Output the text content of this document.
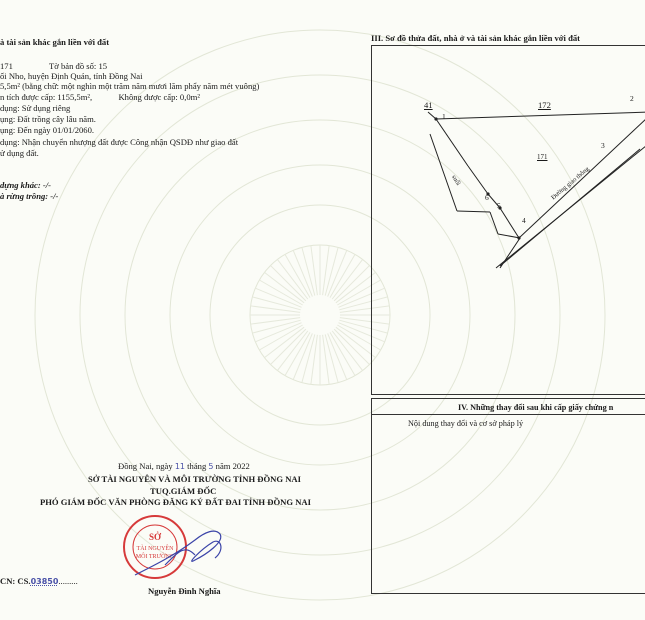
à tài sản khác gắn liền với đất
171	Tờ bản đồ số: 15
ối Nho, huyện Định Quán, tỉnh Đồng Nai
5,5m² (bằng chữ: một nghìn một trăm năm mươi lăm phẩy năm mét vuông)
n tích được cấp: 1155,5m²,	Không được cấp: 0,0m²
dụng: Sử dụng riêng
ụng: Đất trồng cây lâu năm.
ụng: Đến ngày 01/01/2060.
dụng: Nhận chuyển nhượng đất được Công nhận QSDĐ như giao đất
ử dụng đất.
dựng khác: -/-
à rừng trồng: -/-
Đồng Nai, ngày 11 tháng 5 năm 2022
SỞ TÀI NGUYÊN VÀ MÔI TRƯỜNG TỈNH ĐỒNG NAI
TUQ.GIÁM ĐỐC
PHÓ GIÁM ĐỐC VĂN PHÒNG ĐĂNG KÝ ĐẤT ĐAI TỈNH ĐỒNG NAI
SỞ
TÀI NGUYÊN
MÔI TRƯỜNG
Nguyễn Đình Nghĩa
CN: CS.03850.........
III. Sơ đồ thửa đất, nhà ở và tài sản khác gắn liền với đất
41	172
171
1
2
3
4
5
6	Đường giao thông
suối
IV. Những thay đổi sau khi cấp giấy chứng n
Nội dung thay đổi và cơ sở pháp lý
